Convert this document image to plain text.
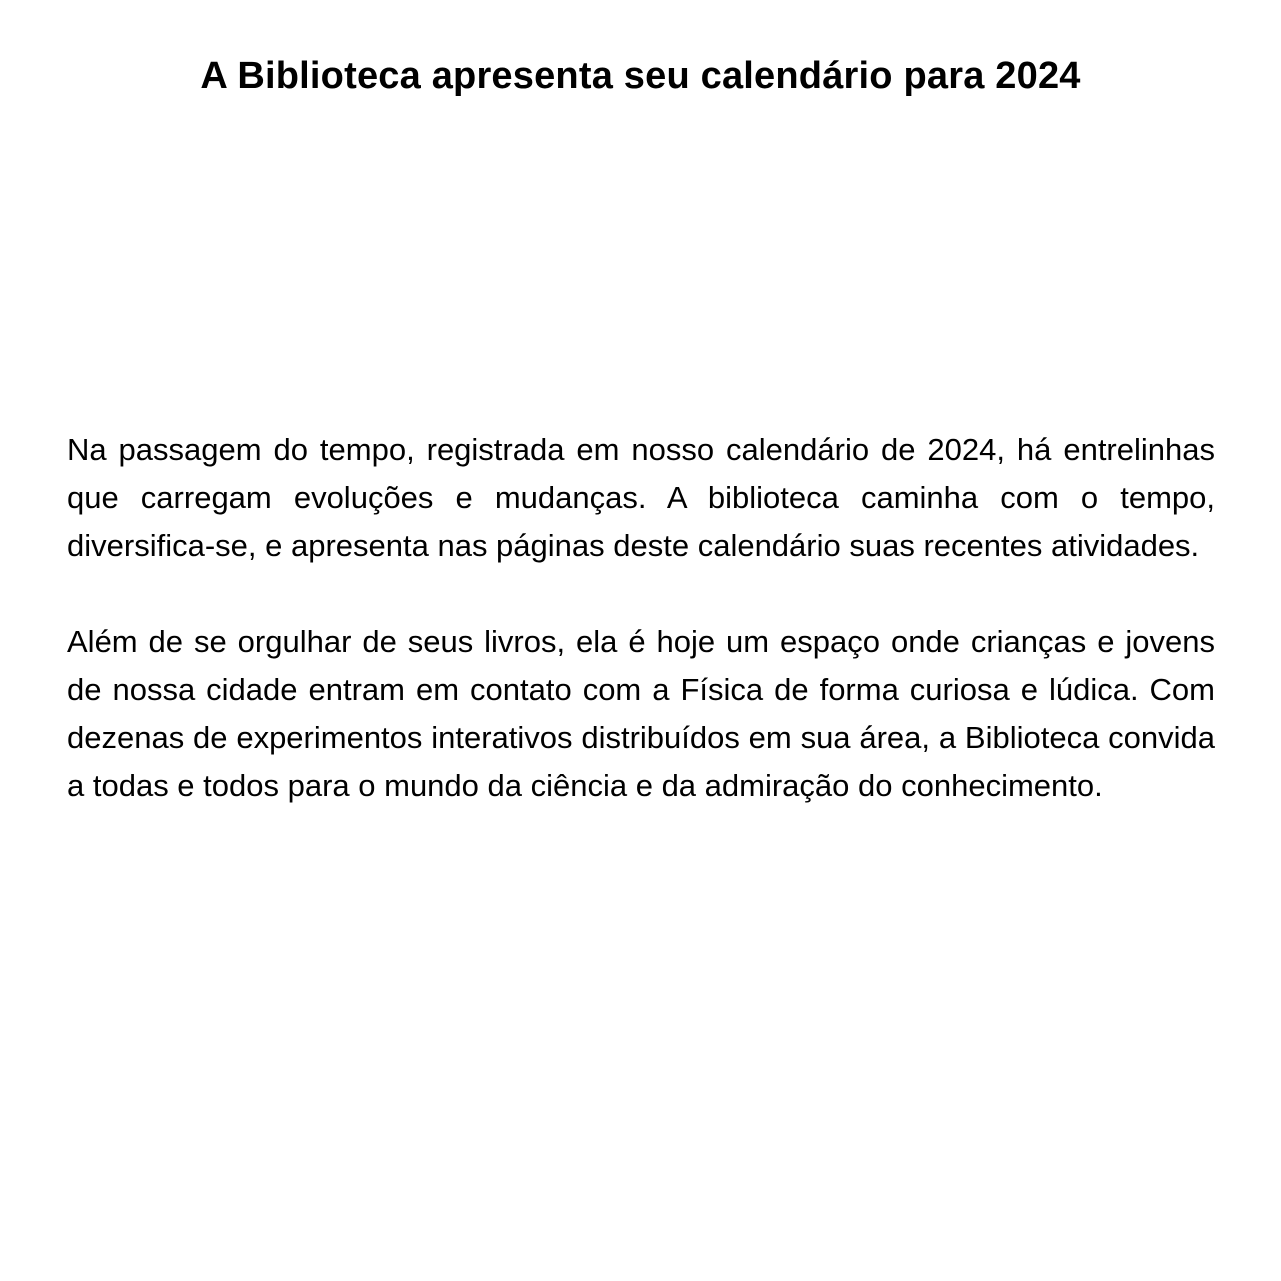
A Biblioteca apresenta seu calendário para 2024

Na passagem do tempo, registrada em nosso calendário de 2024, há entrelinhas que carregam evoluções e mudanças. A biblioteca caminha com o tempo, diversifica-se, e apresenta nas páginas deste calendário suas recentes atividades.

Além de se orgulhar de seus livros, ela é hoje um espaço onde crianças e jovens de nossa cidade entram em contato com a Física de forma curiosa e lúdica. Com dezenas de experimentos interativos distribuídos em sua área, a Biblioteca convida a todas e todos para o mundo da ciência e da admiração do conhecimento.
